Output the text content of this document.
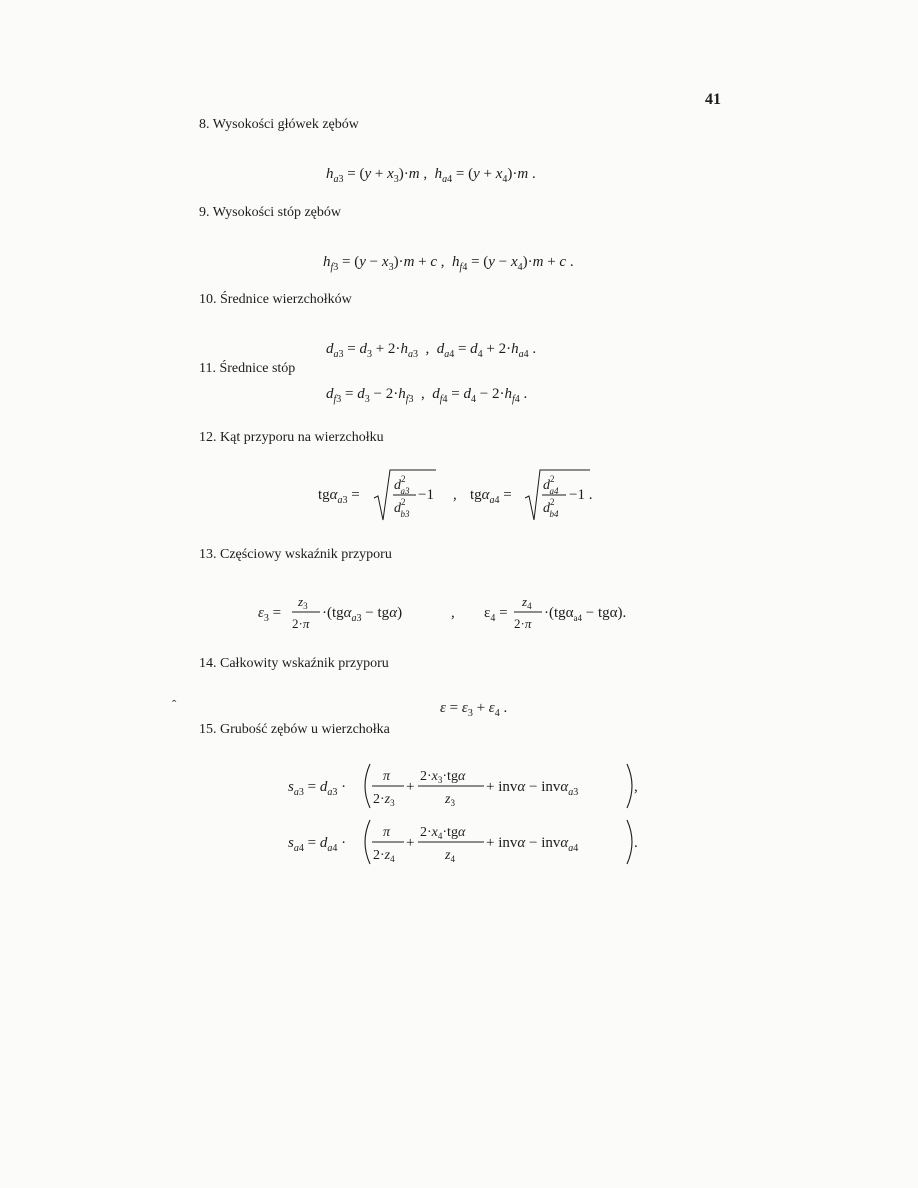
41
8. Wysokości główek zębów
9. Wysokości stóp zębów
10. Średnice wierzchołków
11. Średnice stóp
12. Kąt przyporu na wierzchołku
13. Częściowy wskaźnik przyporu
14. Całkowity wskaźnik przyporu
15. Grubość zębów u wierzchołka
$h_a3 = (y + x_3)\cdot m$ ,  $h_a4 = (y + x_4)\cdot m$ .
$h_f3 = (y - x_3)\cdot m + c$ ,  $h_f4 = (y - x_4)\cdot m + c$ .
$d_a3 = d_3 + 2\cdot h_a3$  ,  $d_a4 = d_4 + 2\cdot h_a4$ .
$d_f3 = d_3 - 2\cdot h_f3$  ,  $d_f4 = d_4 - 2\cdot h_f4$ .
tgα$_a$3 =
$d^2$ a3
$d^2$ b3
−1 , tgα$_a$4 =
$d^2$ a4
$d^2$ b4
−1 .
$\varepsilon_3$ =
$z_3$
2·π
·(tgα$_a$3 − tgα)	, $\varepsilon_4$ =
$z_4$
2·π
·(tgα$_{a4}$ − tgα).
$\varepsilon = \varepsilon_3 + \varepsilon_4$ .
$s_a3 = d_a3$ ·
π
$2\cdot z_3$
+
$2\cdot x_3\cdot tg\alpha$
$z_3$
+ invα − invα$_a$3	,
$s_a4 = d_a4$ ·
π
$2\cdot z_4$
+
$2\cdot x_4\cdot tg\alpha$
$z_4$
+ invα − invα$_a$4	.
ˆ
